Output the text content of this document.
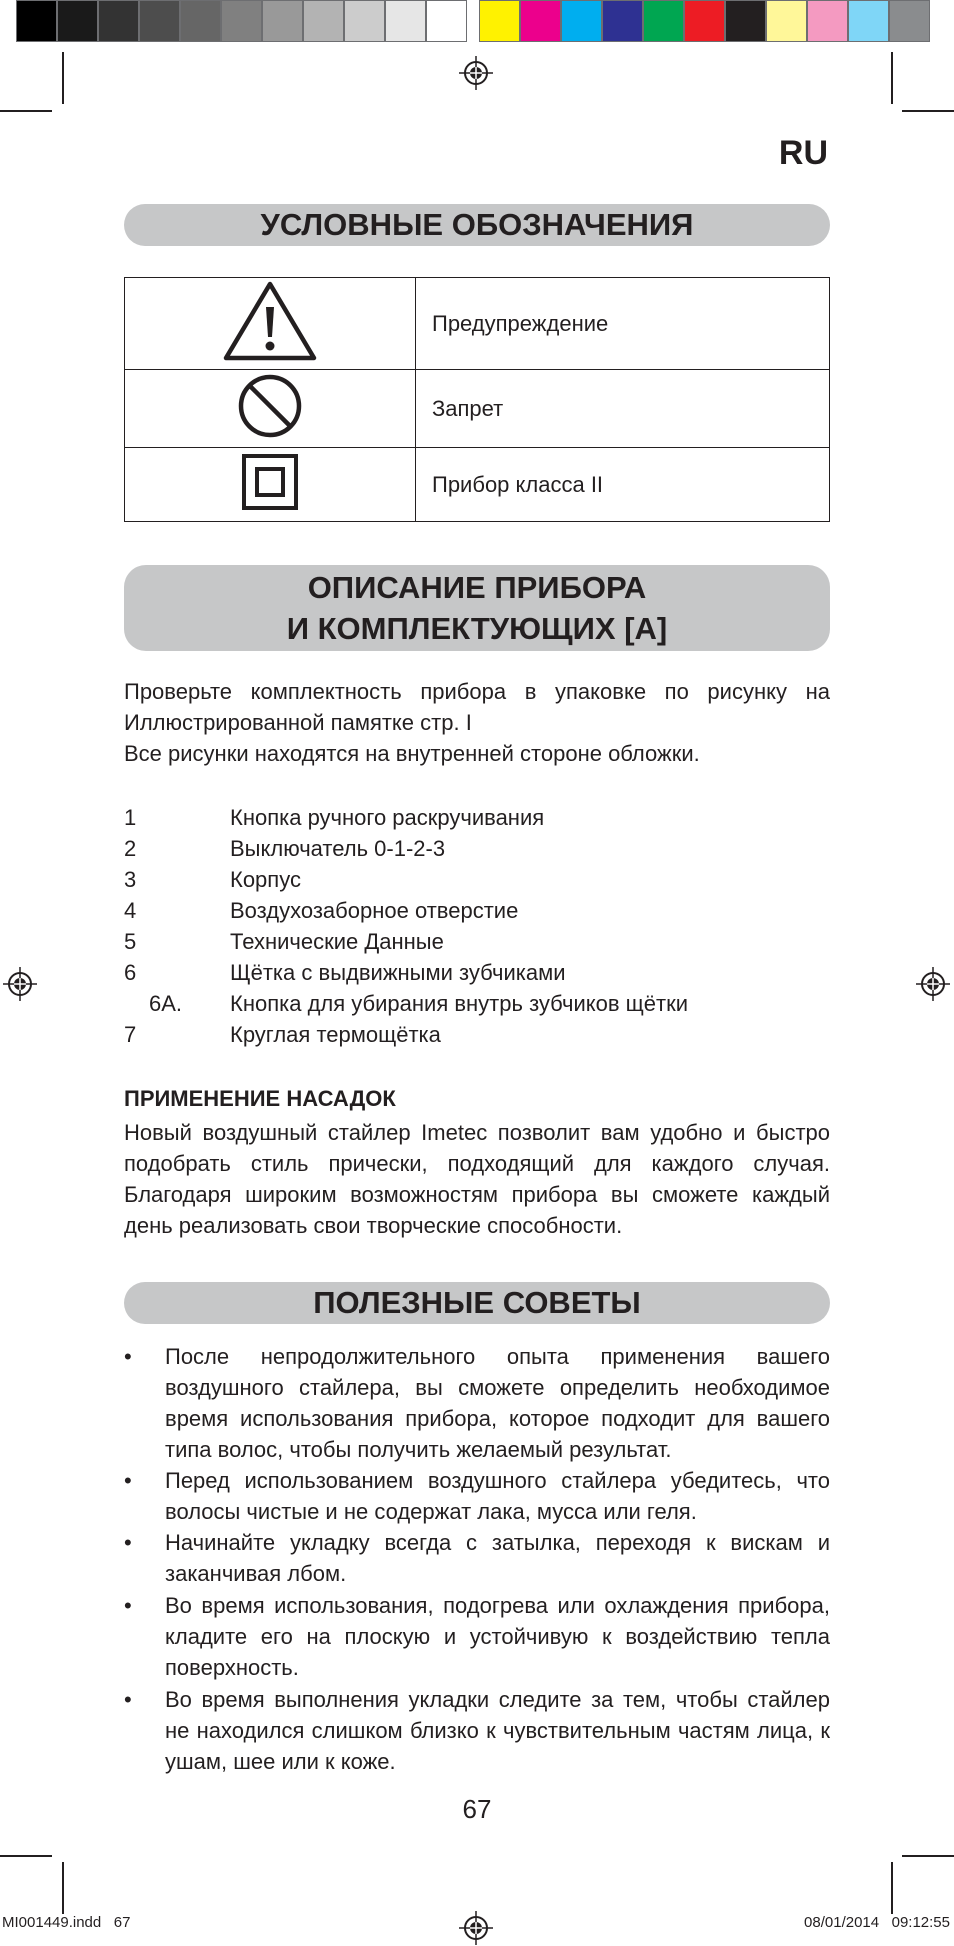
RU
УСЛОВНЫЕ ОБОЗНАЧЕНИЯ
	Предупреждение
	Запрет
	Прибор класса II
ОПИСАНИЕ ПРИБОРА
И КОМПЛЕКТУЮЩИХ [A]
Проверьте комплектность прибора в упаковке по рисунку на
Иллюстрированной памятке стр. I
Все рисунки находятся на внутренней стороне обложки.
1	Кнопка ручного раскручивания
2	Выключатель 0-1-2-3
3	Корпус
4	Воздухозаборное отверстие
5	Технические Данные
6	Щётка с выдвижными зубчиками
6A.	Кнопка для убирания внутрь зубчиков щётки
7	Круглая термощётка
ПРИМЕНЕНИЕ НАСАДОК
Новый воздушный стайлер Imetec позволит вам удобно и быстро подобрать стиль прически, подходящий для каждого случая. Благодаря широким возможностям прибора вы сможете каждый день реализовать свои творческие способности.
ПОЛЕЗНЫЕ СОВЕТЫ
• После непродолжительного опыта применения вашего воздушного стайлера, вы сможете определить необходимое время использования прибора, которое подходит для вашего типа волос, чтобы получить желаемый результат.
• Перед использованием воздушного стайлера убедитесь, что волосы чистые и не содержат лака, мусса или геля.
• Начинайте укладку всегда с затылка, переходя к вискам и заканчивая лбом.
• Во время использования, подогрева или охлаждения прибора, кладите его на плоскую и устойчивую к воздействию тепла поверхность.
• Во время выполнения укладки следите за тем, чтобы стайлер не находился слишком близко к чувствительным частям лица, к ушам, шее или к коже.
67
MI001449.indd   67	08/01/2014   09:12:55
